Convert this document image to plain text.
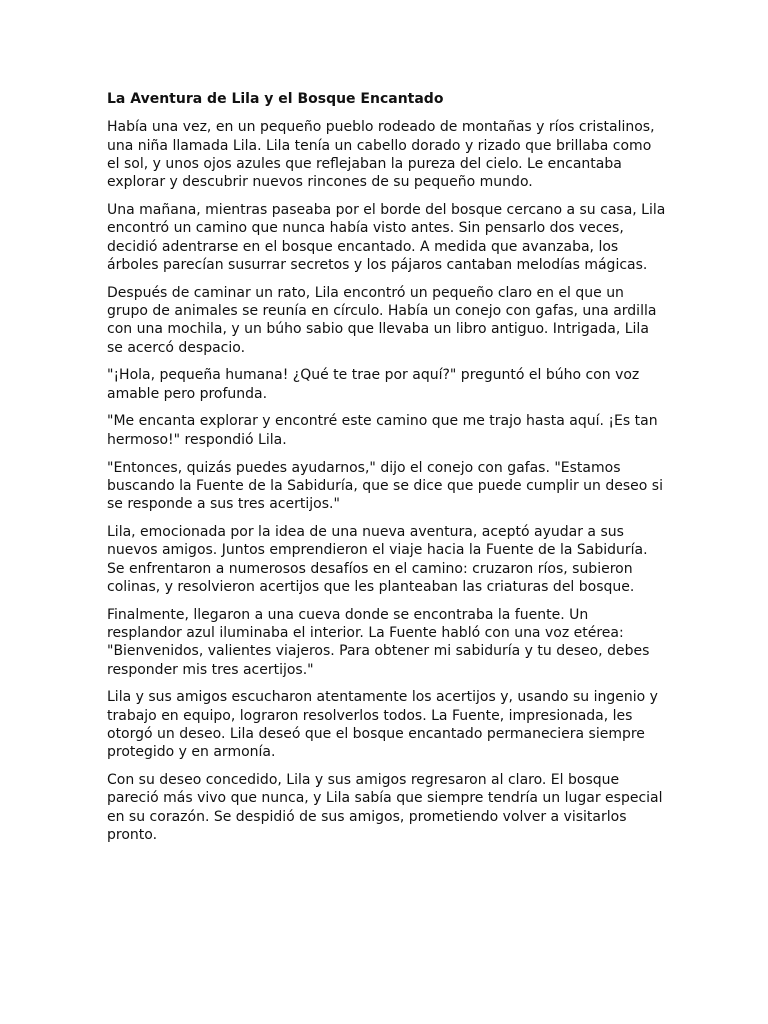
La Aventura de Lila y el Bosque Encantado

Había una vez, en un pequeño pueblo rodeado de montañas y ríos cristalinos, una niña llamada Lila. Lila tenía un cabello dorado y rizado que brillaba como el sol, y unos ojos azules que reflejaban la pureza del cielo. Le encantaba explorar y descubrir nuevos rincones de su pequeño mundo.

Una mañana, mientras paseaba por el borde del bosque cercano a su casa, Lila encontró un camino que nunca había visto antes. Sin pensarlo dos veces, decidió adentrarse en el bosque encantado. A medida que avanzaba, los árboles parecían susurrar secretos y los pájaros cantaban melodías mágicas.

Después de caminar un rato, Lila encontró un pequeño claro en el que un grupo de animales se reunía en círculo. Había un conejo con gafas, una ardilla con una mochila, y un búho sabio que llevaba un libro antiguo. Intrigada, Lila se acercó despacio.

"¡Hola, pequeña humana! ¿Qué te trae por aquí?" preguntó el búho con voz amable pero profunda.

"Me encanta explorar y encontré este camino que me trajo hasta aquí. ¡Es tan hermoso!" respondió Lila.

"Entonces, quizás puedes ayudarnos," dijo el conejo con gafas. "Estamos buscando la Fuente de la Sabiduría, que se dice que puede cumplir un deseo si se responde a sus tres acertijos."

Lila, emocionada por la idea de una nueva aventura, aceptó ayudar a sus nuevos amigos. Juntos emprendieron el viaje hacia la Fuente de la Sabiduría. Se enfrentaron a numerosos desafíos en el camino: cruzaron ríos, subieron colinas, y resolvieron acertijos que les planteaban las criaturas del bosque.

Finalmente, llegaron a una cueva donde se encontraba la fuente. Un resplandor azul iluminaba el interior. La Fuente habló con una voz etérea: "Bienvenidos, valientes viajeros. Para obtener mi sabiduría y tu deseo, debes responder mis tres acertijos."

Lila y sus amigos escucharon atentamente los acertijos y, usando su ingenio y trabajo en equipo, lograron resolverlos todos. La Fuente, impresionada, les otorgó un deseo. Lila deseó que el bosque encantado permaneciera siempre protegido y en armonía.

Con su deseo concedido, Lila y sus amigos regresaron al claro. El bosque pareció más vivo que nunca, y Lila sabía que siempre tendría un lugar especial en su corazón. Se despidió de sus amigos, prometiendo volver a visitarlos pronto.
